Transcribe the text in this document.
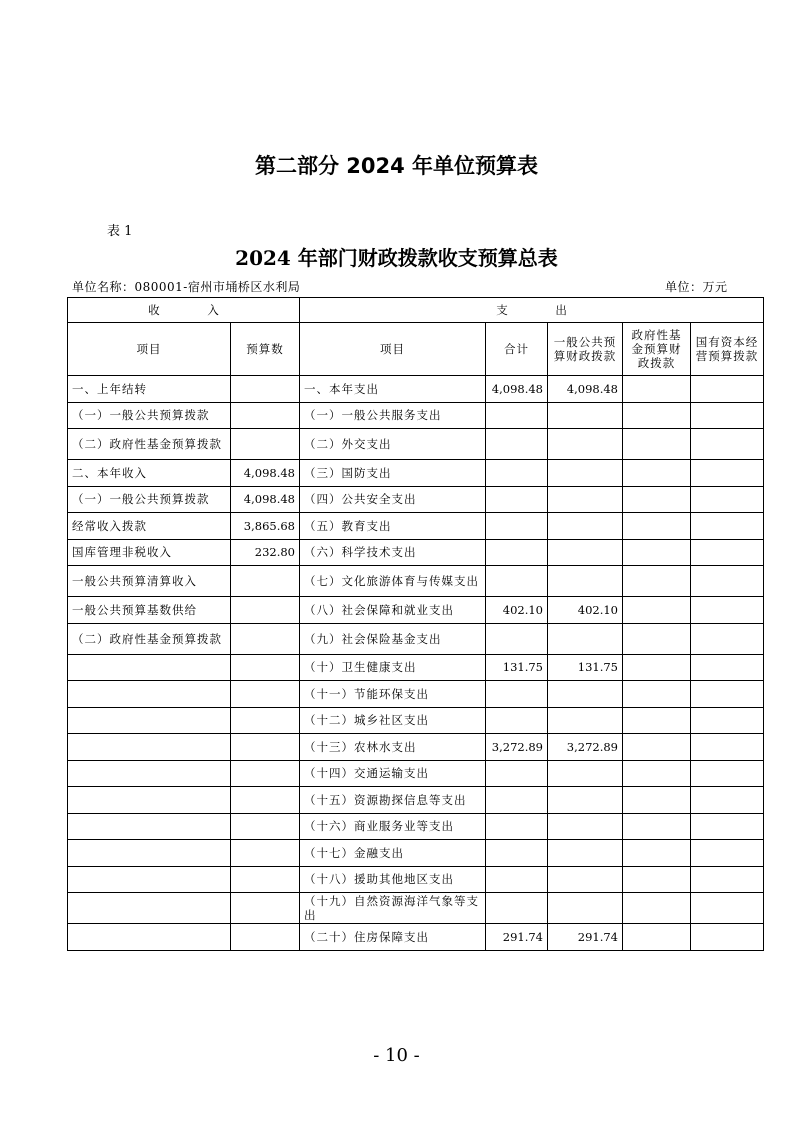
第二部分 2024 年单位预算表
表 1
2024 年部门财政拨款收支预算总表
单位名称：080001-宿州市埇桥区水利局	单位：万元
收 入		支 出				
项目	预算数	项目	合计	一般公共预算财政拨款	政府性基金预算财政拨款	国有资本经营预算拨款
一、上年结转		一、本年支出	4,098.48	4,098.48		
（一）一般公共预算拨款		（一）一般公共服务支出				
（二）政府性基金预算拨款		（二）外交支出				
二、本年收入	4,098.48	（三）国防支出				
（一）一般公共预算拨款	4,098.48	（四）公共安全支出				
经常收入拨款	3,865.68	（五）教育支出				
国库管理非税收入	232.80	（六）科学技术支出				
一般公共预算清算收入		（七）文化旅游体育与传媒支出				
一般公共预算基数供给		（八）社会保障和就业支出	402.10	402.10		
（二）政府性基金预算拨款		（九）社会保险基金支出				
		（十）卫生健康支出	131.75	131.75		
		（十一）节能环保支出				
		（十二）城乡社区支出				
		（十三）农林水支出	3,272.89	3,272.89		
		（十四）交通运输支出				
		（十五）资源勘探信息等支出				
		（十六）商业服务业等支出				
		（十七）金融支出				
		（十八）援助其他地区支出				
		（十九）自然资源海洋气象等支出				
		（二十）住房保障支出	291.74	291.74		
- 10 -
